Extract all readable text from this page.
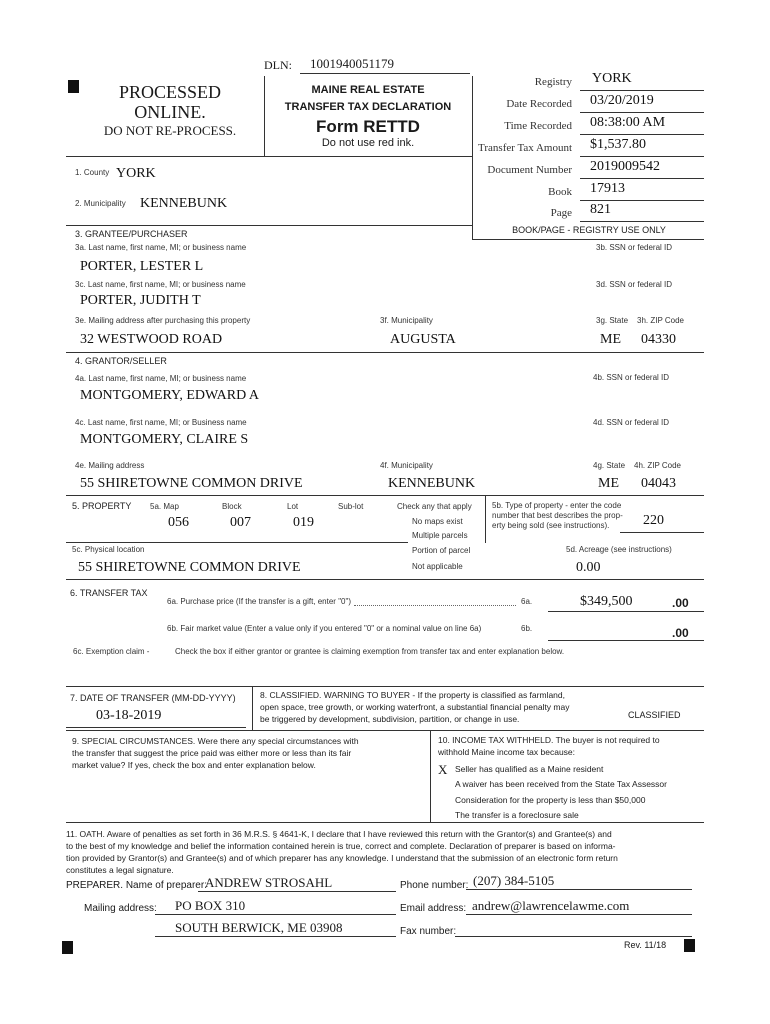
DLN: 1001940051179
PROCESSED
ONLINE.
DO NOT RE-PROCESS.
MAINE REAL ESTATE
TRANSFER TAX DECLARATION
Form RETTD
Do not use red ink.
Registry YORK
Date Recorded 03/20/2019
Time Recorded 08:38:00 AM
Transfer Tax Amount $1,537.80
Document Number 2019009542
Book 17913
Page 821
BOOK/PAGE - REGISTRY USE ONLY
1. County YORK
2. Municipality KENNEBUNK
3. GRANTEE/PURCHASER
3a. Last name, first name, MI; or business name	3b. SSN or federal ID
PORTER, LESTER L
3c. Last name, first name, MI; or business name	3d. SSN or federal ID
PORTER, JUDITH T
3e. Mailing address after purchasing this property	3f. Municipality	3g. State 3h. ZIP Code
32 WESTWOOD ROAD	AUGUSTA	ME 04330
4. GRANTOR/SELLER
4a. Last name, first name, MI; or business name	4b. SSN or federal ID
MONTGOMERY, EDWARD A
4c. Last name, first name, MI; or Business name	4d. SSN or federal ID
MONTGOMERY, CLAIRE S
4e. Mailing address	4f. Municipality	4g. State 4h. ZIP Code
55 SHIRETOWNE COMMON DRIVE	KENNEBUNK	ME 04043
5. PROPERTY 5a. Map	Block	Lot	Sub-lot	Check any that apply
056	007	019	No maps exist
Multiple parcels
Portion of parcel
Not applicable
5b. Type of property - enter the code
number that best describes the prop-
erty being sold (see instructions). 220
5c. Physical location	5d. Acreage (see instructions)
55 SHIRETOWNE COMMON DRIVE	0.00
6. TRANSFER TAX
6a. Purchase price (If the transfer is a gift, enter "0")	6a.	$349,500	.00
6b. Fair market value (Enter a value only if you entered "0" or a nominal value on line 6a)	6b.	.00
6c. Exemption claim -	Check the box if either grantor or grantee is claiming exemption from transfer tax and enter explanation below.
7. DATE OF TRANSFER (MM-DD-YYYY)
03-18-2019
8. CLASSIFIED. WARNING TO BUYER - If the property is classified as farmland,
open space, tree growth, or working waterfront, a substantial financial penalty may
be triggered by development, subdivision, partition, or change in use.	CLASSIFIED
9. SPECIAL CIRCUMSTANCES. Were there any special circumstances with
the transfer that suggest the price paid was either more or less than its fair
market value? If yes, check the box and enter explanation below.
10. INCOME TAX WITHHELD. The buyer is not required to
withhold Maine income tax because:
X Seller has qualified as a Maine resident
A waiver has been received from the State Tax Assessor
Consideration for the property is less than $50,000
The transfer is a foreclosure sale
11. OATH. Aware of penalties as set forth in 36 M.R.S. § 4641-K, I declare that I have reviewed this return with the Grantor(s) and Grantee(s) and
to the best of my knowledge and belief the information contained herein is true, correct and complete. Declaration of preparer is based on informa-
tion provided by Grantor(s) and Grantee(s) and of which preparer has any knowledge. I understand that the submission of an electronic form return
constitutes a legal signature.
PREPARER. Name of preparer:
ANDREW STROSAHL	Phone number: (207) 384-5105
Mailing address: PO BOX 310	Email address: andrew@lawrencelawme.com
SOUTH BERWICK, ME 03908	Fax number:
Rev. 11/18
